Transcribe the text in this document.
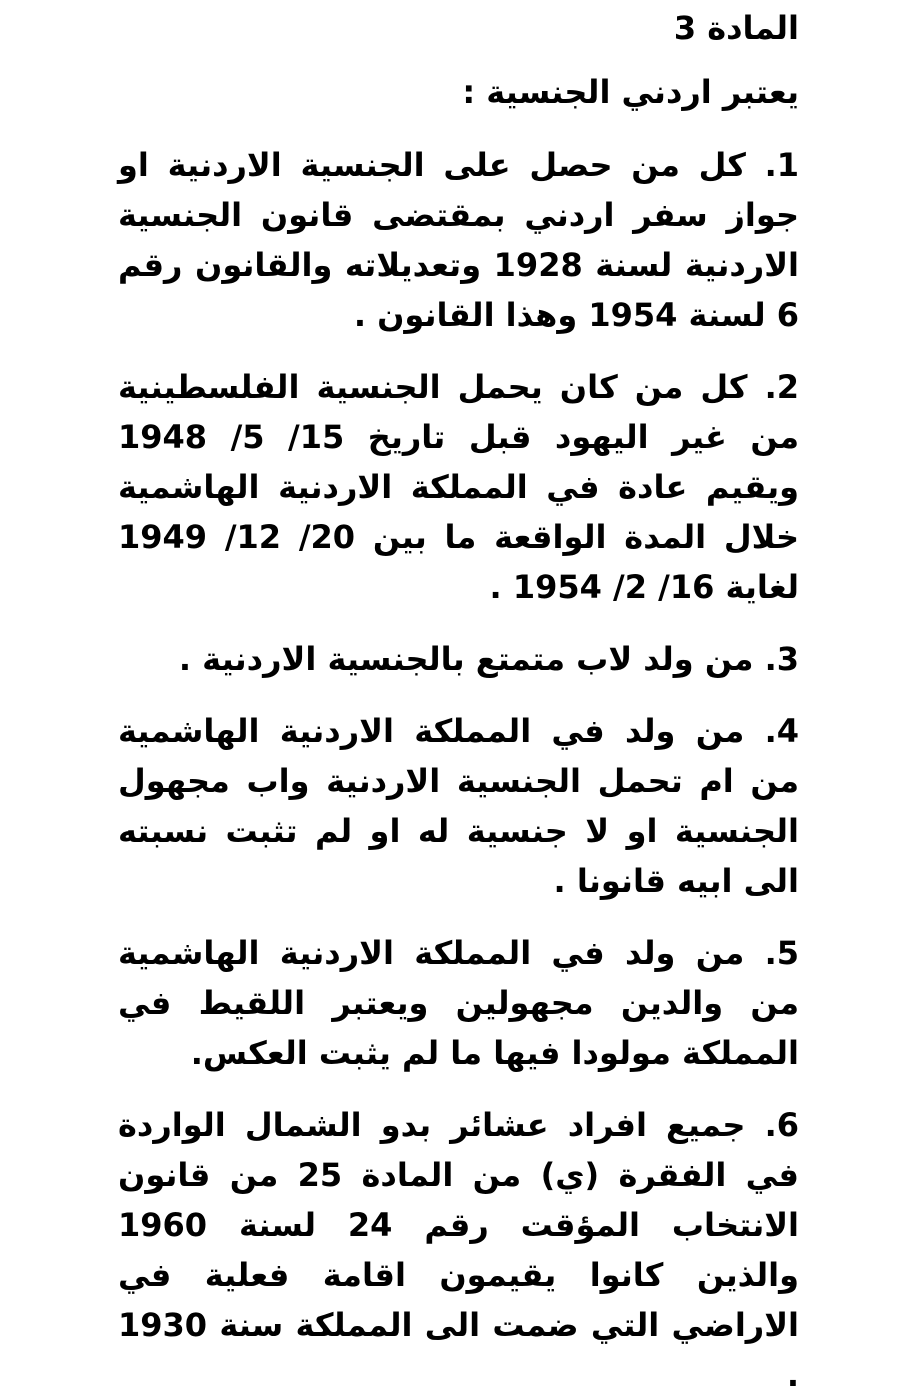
المادة 3

يعتبر اردني الجنسية :

1. كل من حصل على الجنسية الاردنية او جواز سفر اردني بمقتضى قانون الجنسية الاردنية لسنة 1928 وتعديلاته والقانون رقم 6 لسنة 1954 وهذا القانون .
2. كل من كان يحمل الجنسية الفلسطينية من غير اليهود قبل تاريخ 15/ 5/ 1948 ويقيم عادة في المملكة الاردنية الهاشمية خلال المدة الواقعة ما بين 20/ 12/ 1949 لغاية 16/ 2/ 1954 .
3. من ولد لاب متمتع بالجنسية الاردنية .
4. من ولد في المملكة الاردنية الهاشمية من ام تحمل الجنسية الاردنية واب مجهول الجنسية او لا جنسية له او لم تثبت نسبته الى ابيه قانونا .
5. من ولد في المملكة الاردنية الهاشمية من والدين مجهولين ويعتبر اللقيط في المملكة مولودا فيها ما لم يثبت العكس.
6. جميع افراد عشائر بدو الشمال الواردة في الفقرة (ي) من المادة 25 من قانون الانتخاب المؤقت رقم 24 لسنة 1960 والذين كانوا يقيمون اقامة فعلية في الاراضي التي ضمت الى المملكة سنة 1930 .
